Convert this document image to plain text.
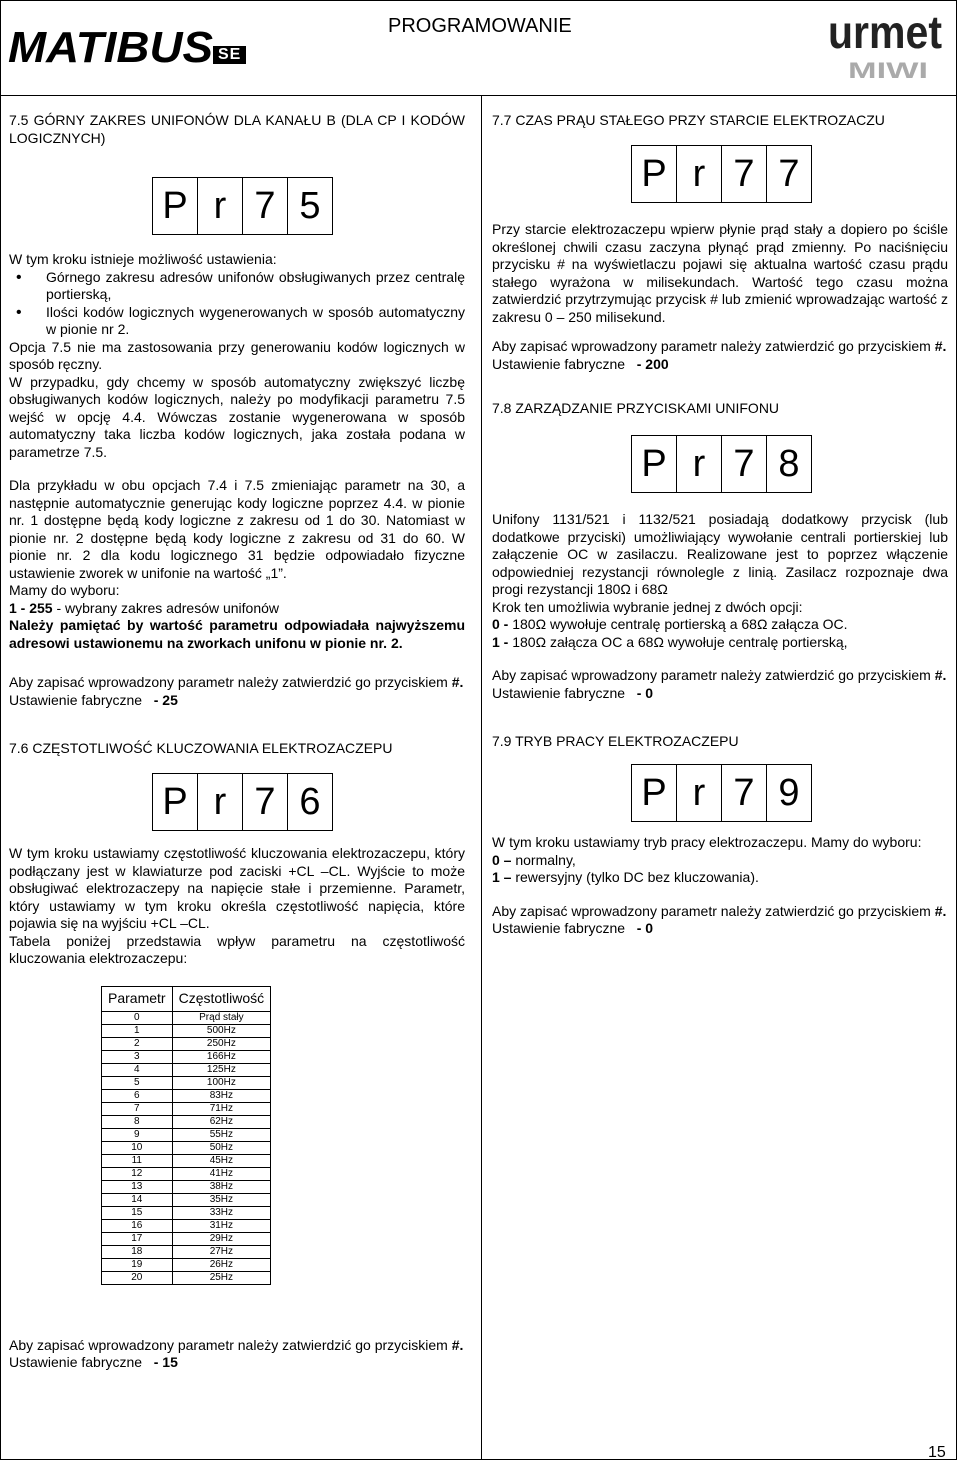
MATIBUS SE
PROGRAMOWANIE	urmet
MIWI
7.5 GÓRNY ZAKRES UNIFONÓW DLA KANAŁU B (DLA CP I KODÓW LOGICZNYCH)
P r 7 5

W tym kroku istnieje możliwość ustawienia:

• Górnego zakresu adresów unifonów obsługiwanych przez centralę portierską,
• Ilości kodów logicznych wygenerowanych w sposób automatyczny w pionie nr 2.

Opcja 7.5 nie ma zastosowania przy generowaniu kodów logicznych w sposób ręczny.

W przypadku, gdy chcemy w sposób automatyczny zwiększyć liczbę obsługiwanych kodów logicznych, należy po modyfikacji parametru 7.5 wejść w opcję 4.4. Wówczas zostanie wygenerowana w sposób automatyczny taka liczba kodów logicznych, jaka została podana w parametrze 7.5.

Dla przykładu w obu opcjach 7.4 i 7.5 zmieniając parametr na 30, a następnie automatycznie generując kody logiczne poprzez 4.4. w pionie nr. 1 dostępne będą kody logiczne z zakresu od 1 do 30. Natomiast w pionie nr. 2 dostępne będą kody logiczne z zakresu od 31 do 60. W pionie nr. 2 dla kodu logicznego 31 będzie odpowiadało fizyczne ustawienie zworek w unifonie na wartość „1”.

Mamy do wyboru:

1 - 255 - wybrany zakres adresów unifonów

Należy pamiętać by wartość parametru odpowiadała najwyższemu adresowi ustawionemu na zworkach unifonu w pionie nr. 2.

Aby zapisać wprowadzony parametr należy zatwierdzić go przyciskiem #.

Ustawienie fabryczne - 25

7.6 CZĘSTOTLIWOŚĆ KLUCZOWANIA ELEKTROZACZEPU
P r 7 6

W tym kroku ustawiamy częstotliwość kluczowania elektrozaczepu, który podłączany jest w klawiaturze pod zaciski +CL –CL. Wyjście to może obsługiwać elektrozaczepy na napięcie stałe i przemienne. Parametr, który ustawiamy w tym kroku określa częstotliwość napięcia, które pojawia się na wyjściu +CL –CL.

Tabela poniżej przedstawia wpływ parametru na częstotliwość kluczowania elektrozaczepu:

Parametr	Częstotliwość
0	Prąd stały
1	500Hz
2	250Hz
3	166Hz
4	125Hz
5	100Hz
6	83Hz
7	71Hz
8	62Hz
9	55Hz
10	50Hz
11	45Hz
12	41Hz
13	38Hz
14	35Hz
15	33Hz
16	31Hz
17	29Hz
18	27Hz
19	26Hz
20	25Hz

Aby zapisać wprowadzony parametr należy zatwierdzić go przyciskiem #.

Ustawienie fabryczne - 15

7.7 CZAS PRĄU STAŁEGO PRZY STARCIE ELEKTROZACZU
P r 7 7

Przy starcie elektrozaczepu wpierw płynie prąd stały a dopiero po ściśle określonej chwili czasu zaczyna płynąć prąd zmienny. Po naciśnięciu przycisku # na wyświetlaczu pojawi się aktualna wartość czasu prądu stałego wyrażona w milisekundach. Wartość tego czasu można zatwierdzić przytrzymując przycisk # lub zmienić wprowadzając wartość z zakresu 0 – 250 milisekund.

Aby zapisać wprowadzony parametr należy zatwierdzić go przyciskiem #.

Ustawienie fabryczne - 200

7.8 ZARZĄDZANIE PRZYCISKAMI UNIFONU
P r 7 8

Unifony 1131/521 i 1132/521 posiadają dodatkowy przycisk (lub dodatkowe przyciski) umożliwiający wywołanie centrali portierskiej lub załączenie OC w zasilaczu. Realizowane jest to poprzez włączenie odpowiedniej rezystancji równolegle z linią. Zasilacz rozpoznaje dwa progi rezystancji 180Ω i 68Ω

Krok ten umożliwia wybranie jednej z dwóch opcji:

0 - 180Ω wywołuje centralę portierską a 68Ω załącza OC.

1 - 180Ω załącza OC a 68Ω wywołuje centralę portierską,

Aby zapisać wprowadzony parametr należy zatwierdzić go przyciskiem #.

Ustawienie fabryczne - 0

7.9 TRYB PRACY ELEKTROZACZEPU
P r 7 9

W tym kroku ustawiamy tryb pracy elektrozaczepu. Mamy do wyboru:

0 – normalny,

1 – rewersyjny (tylko DC bez kluczowania).

Aby zapisać wprowadzony parametr należy zatwierdzić go przyciskiem #.

Ustawienie fabryczne - 0

15
